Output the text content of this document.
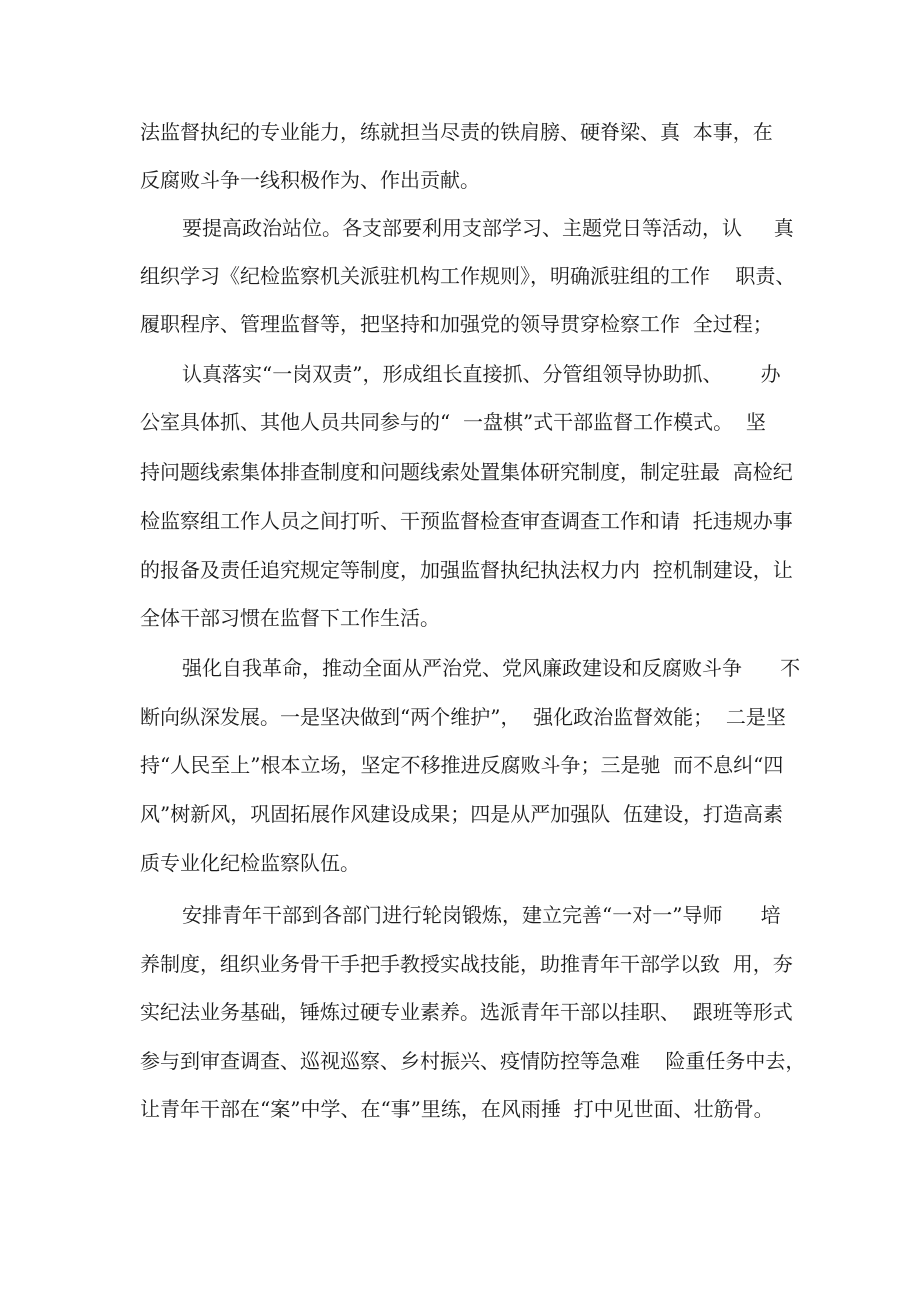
法监督执纪的专业能力，练就担当尽责的铁肩膀、硬脊梁、真  本事，在
反腐败斗争一线积极作为、作出贡献。
要提高政治站位。各支部要利用支部学习、主题党日等活动，认     真
组织学习《纪检监察机关派驻机构工作规则》，明确派驻组的工作    职责、
履职程序、管理监督等，把坚持和加强党的领导贯穿检察工作  全过程；
认真落实“一岗双责”，形成组长直接抓、分管组领导协助抓、      办
公室具体抓、其他人员共同参与的“  一盘棋”式干部监督工作模式。  坚
持问题线索集体排查制度和问题线索处置集体研究制度，制定驻最  高检纪
检监察组工作人员之间打听、干预监督检查审查调查工作和请  托违规办事
的报备及责任追究规定等制度，加强监督执纪执法权力内  控机制建设，让
全体干部习惯在监督下工作生活。
强化自我革命，推动全面从严治党、党风廉政建设和反腐败斗争      不
断向纵深发展。一是坚决做到“两个维护”，  强化政治监督效能；  二是坚
持“人民至上”根本立场，坚定不移推进反腐败斗争；三是驰  而不息纠“四
风”树新风，巩固拓展作风建设成果；四是从严加强队  伍建设，打造高素
质专业化纪检监察队伍。
安排青年干部到各部门进行轮岗锻炼，建立完善“一对一”导师      培
养制度，组织业务骨干手把手教授实战技能，助推青年干部学以致  用，夯
实纪法业务基础，锤炼过硬专业素养。选派青年干部以挂职、  跟班等形式
参与到审查调查、巡视巡察、乡村振兴、疫情防控等急难    险重任务中去，
让青年干部在“案”中学、在“事”里练，在风雨捶  打中见世面、壮筋骨。
